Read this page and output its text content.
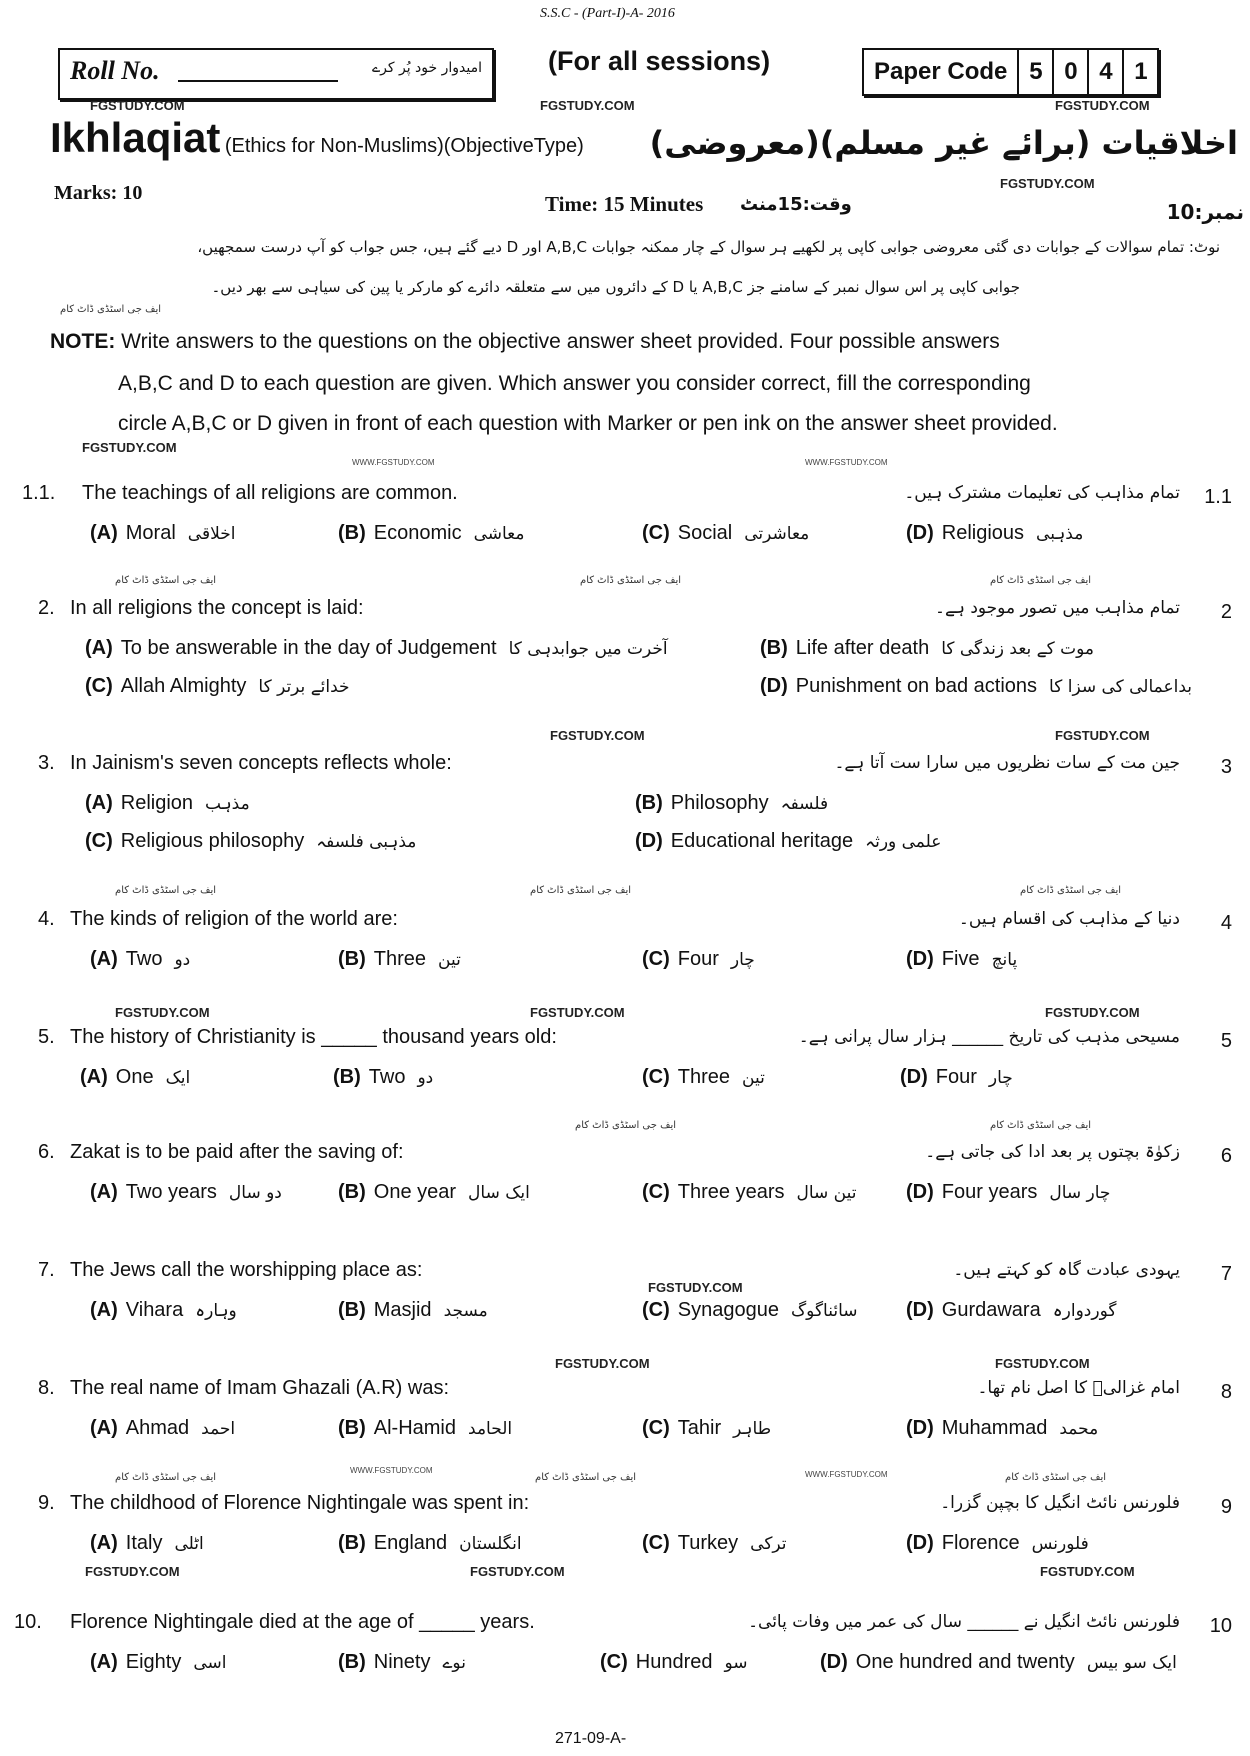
S.S.C - (Part-I)-A- 2016
Roll No.	امیدوار خود پُر کرے (For all sessions)	Paper Code 5 0 4 1
Ikhlaqiat (Ethics for Non-Muslims)(ObjectiveType) اخلاقیات (برائے غیر مسلم)(معروضی)
Marks: 10	Time: 15 Minutes وقت:15منٹ	نمبر:10
نوٹ: تمام سوالات کے جوابات دی گئی معروضی جوابی کاپی پر لکھیے ہر سوال کے چار ممکنہ جوابات A,B,C اور D دیے گئے ہیں، جس جواب کو آپ درست سمجھیں،
جوابی کاپی پر اس سوال نمبر کے سامنے جز A,B,C یا D کے دائروں میں سے متعلقہ دائرے کو مارکر یا پین کی سیاہی سے بھر دیں۔
NOTE: Write answers to the questions on the objective answer sheet provided. Four possible answers
A,B,C and D to each question are given. Which answer you consider correct, fill the corresponding
circle A,B,C or D given in front of each question with Marker or pen ink on the answer sheet provided.
1.1. The teachings of all religions are common.	تمام مذاہب کی تعلیمات مشترک ہیں۔ 1.1
(A) Moral اخلاقی	(B) Economic معاشی	(C) Social معاشرتی	(D) Religious مذہبی
2. In all religions the concept is laid:	تمام مذاہب میں تصور موجود ہے۔ 2
(A) To be answerable in the day of Judgement آخرت میں جوابدہی کا	(B) Life after death موت کے بعد زندگی کا
(C) Allah Almighty خدائے برتر کا	(D) Punishment on bad actions بداعمالی کی سزا کا
3. In Jainism's seven concepts reflects whole:	جین مت کے سات نظریوں میں سارا ست آتا ہے۔ 3
(A) Religion مذہب	(B) Philosophy فلسفہ
(C) Religious philosophy مذہبی فلسفہ	(D) Educational heritage علمی ورثہ
4. The kinds of religion of the world are:	دنیا کے مذاہب کی اقسام ہیں۔ 4
(A) Two دو	(B) Three تین	(C) Four چار	(D) Five پانچ
5. The history of Christianity is _____ thousand years old:	مسیحی مذہب کی تاریخ ______ ہزار سال پرانی ہے۔ 5
(A) One ایک	(B) Two دو	(C) Three تین	(D) Four چار
6. Zakat is to be paid after the saving of:	زکوٰۃ بچتوں پر بعد ادا کی جاتی ہے۔ 6
(A) Two years دو سال	(B) One year ایک سال	(C) Three years تین سال (D) Four years چار سال
7. The Jews call the worshipping place as:	یہودی عبادت گاہ کو کہتے ہیں۔ 7
(A) Vihara وہارہ	(B) Masjid مسجد	(C) Synagogue سائناگوگ (D) Gurdawara گوردوارہ
8. The real name of Imam Ghazali (A.R) was:	امام غزالیؒ کا اصل نام تھا۔ 8
(A) Ahmad احمد	(B) Al-Hamid الحامد	(C) Tahir طاہر	(D) Muhammad محمد
9. The childhood of Florence Nightingale was spent in:	فلورنس نائٹ انگیل کا بچپن گزرا۔ 9
(A) Italy اٹلی	(B) England انگلستان	(C) Turkey ترکی	(D) Florence فلورنس
10. Florence Nightingale died at the age of _____ years.	فلورنس نائٹ انگیل نے ______ سال کی عمر میں وفات پائی۔ 10
(A) Eighty اسی	(B) Ninety نوے	(C) Hundred سو	(D) One hundred and twenty ایک سو بیس
FGSTUDY.COM	FGSTUDY.COM	FGSTUDY.COM
FGSTUDY.COM
FGSTUDY.COM
FGSTUDY.COM	FGSTUDY.COM
FGSTUDY.COM	FGSTUDY.COM	FGSTUDY.COM
FGSTUDY.COM
FGSTUDY.COM	FGSTUDY.COM
FGSTUDY.COM	FGSTUDY.COM	FGSTUDY.COM
WWW.FGSTUDY.COM	WWW.FGSTUDY.COM
WWW.FGSTUDY.COM	WWW.FGSTUDY.COM
ایف جی اسٹڈی ڈاٹ کام	ایف جی اسٹڈی ڈاٹ کام	ایف جی اسٹڈی ڈاٹ کام
ایف جی اسٹڈی ڈاٹ کام
ایف جی اسٹڈی ڈاٹ کام	ایف جی اسٹڈی ڈاٹ کام	ایف جی اسٹڈی ڈاٹ کام
ایف جی اسٹڈی ڈاٹ کام	ایف جی اسٹڈی ڈاٹ کام
ایف جی اسٹڈی ڈاٹ کام	ایف جی اسٹڈی ڈاٹ کام	ایف جی اسٹڈی ڈاٹ کام
271-09-A-
